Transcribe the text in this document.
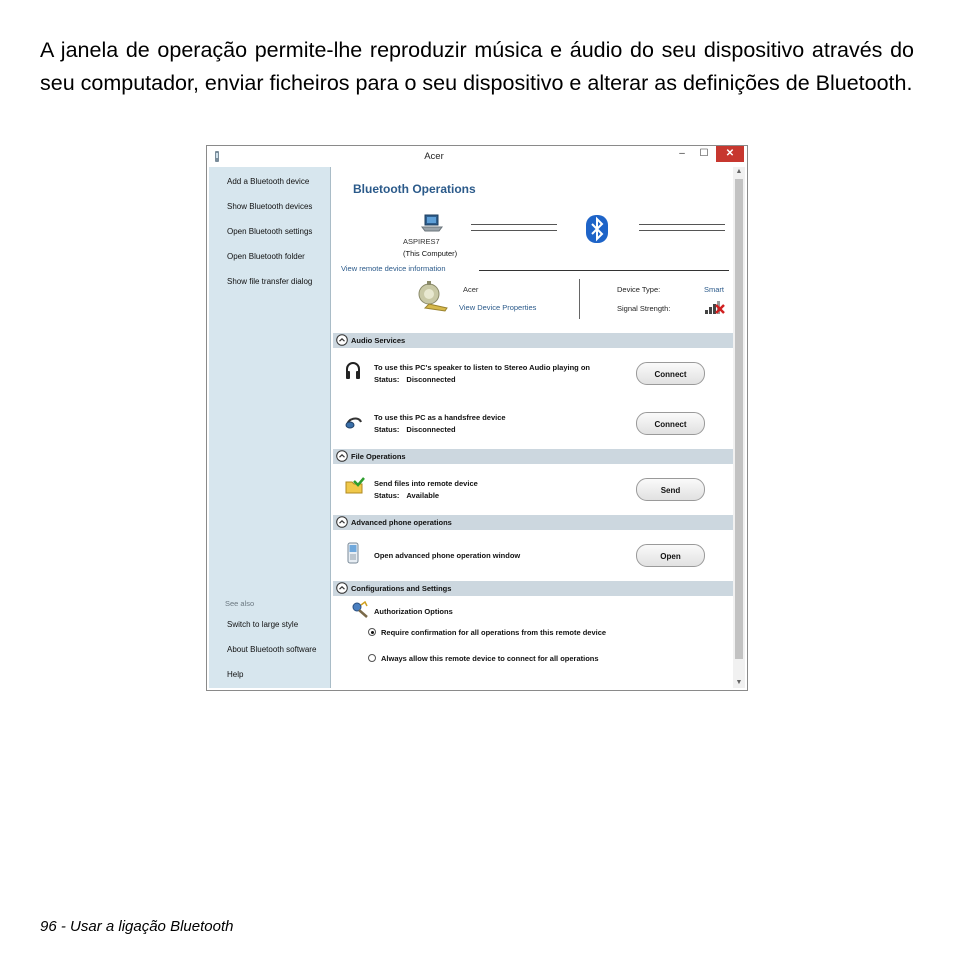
A janela de operação permite-lhe reproduzir música e áudio do seu dispositivo através do seu computador, enviar ficheiros para o seu dispositivo e alterar as definições de Bluetooth.

Acer	–	☐	✕
Add a Bluetooth device
Show Bluetooth devices
Open Bluetooth settings
Open Bluetooth folder
Show file transfer dialog
See also
Switch to large style
About Bluetooth software
Help
Bluetooth Operations
ASPIRES7
(This Computer)
View remote device information
Acer
View Device Properties
Device Type:	Smart
Signal Strength:
Audio Services
To use this PC's speaker to listen to Stereo Audio playing on
Status: Disconnected
Connect
To use this PC as a handsfree device
Status: Disconnected
Connect
File Operations
Send files into remote device
Status: Available
Send
Advanced phone operations
Open advanced phone operation window	Open
Configurations and Settings
Authorization Options
Require confirmation for all operations from this remote device
Always allow this remote device to connect for all operations
▲
▼
96 - Usar a ligação Bluetooth
